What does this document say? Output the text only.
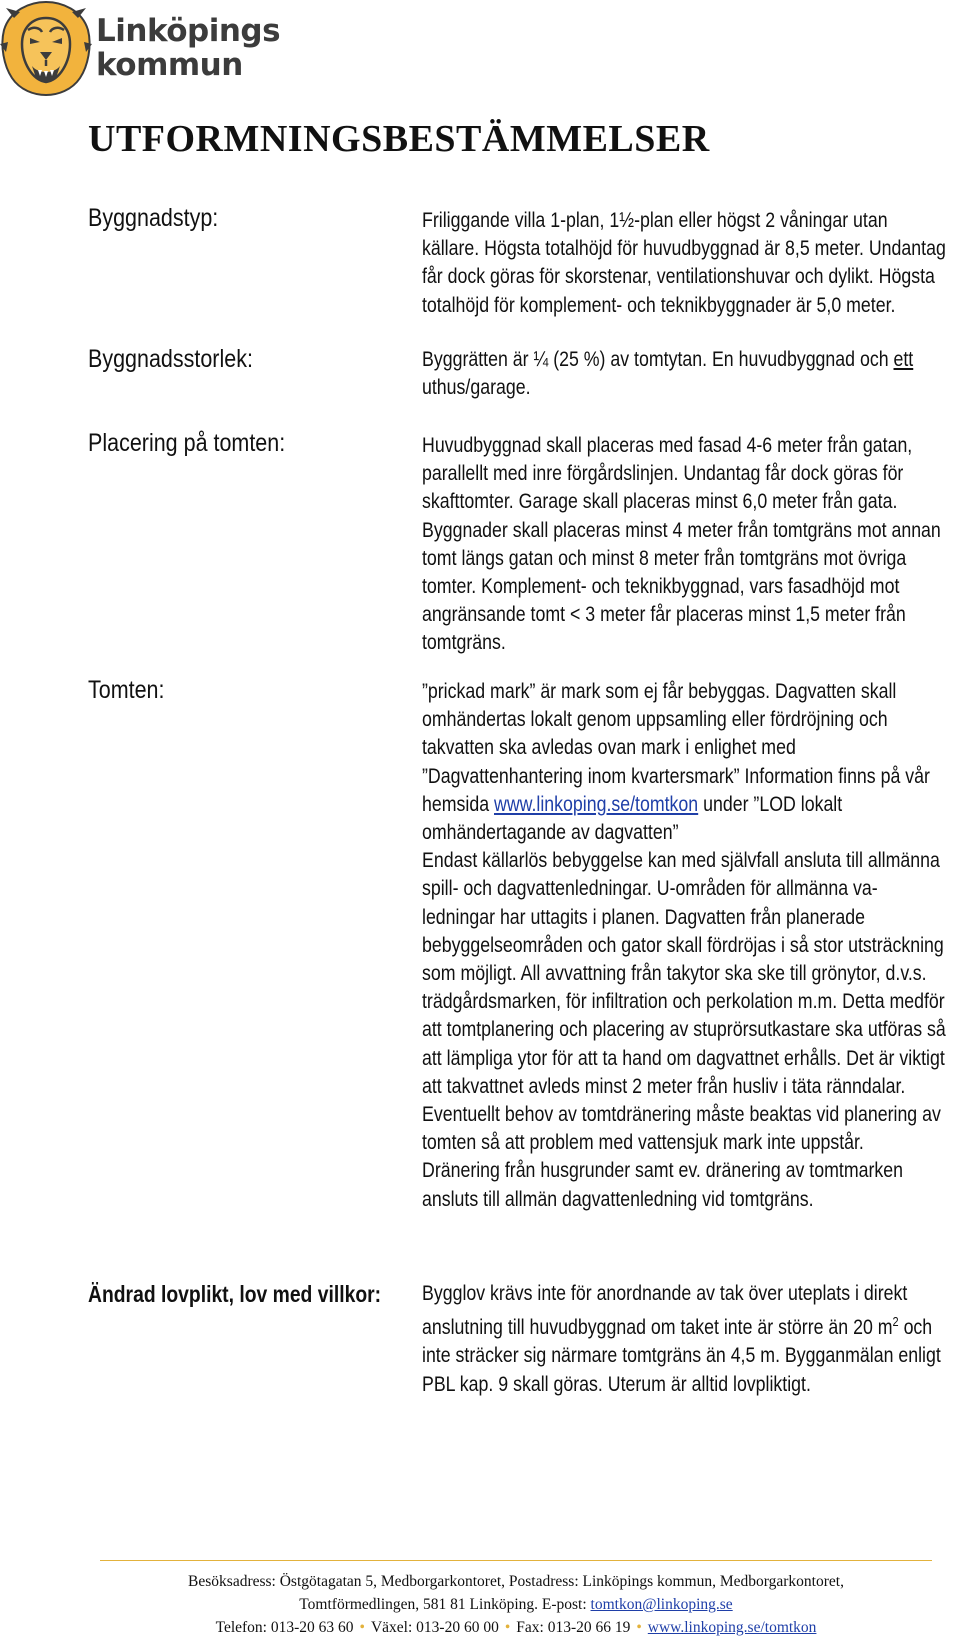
Linköpings
kommun
UTFORMNINGSBESTÄMMELSER
Byggnadstyp:	Friliggande villa 1-plan, 1½-plan eller högst 2 våningar utan källare. Högsta totalhöjd för huvudbyggnad är 8,5 meter. Undantag får dock göras för skorstenar, ventilationshuvar och dylikt. Högsta totalhöjd för komplement- och teknikbyggnader är 5,0 meter.

Byggnadsstorlek:	Byggrätten är ¼ (25 %) av tomtytan. En huvudbyggnad och ett uthus/garage.

Placering på tomten:	Huvudbyggnad skall placeras med fasad 4-6 meter från gatan, parallellt med inre förgårdslinjen. Undantag får dock göras för skafttomter. Garage skall placeras minst 6,0 meter från gata. Byggnader skall placeras minst 4 meter från tomtgräns mot annan tomt längs gatan och minst 8 meter från tomtgräns mot övriga tomter. Komplement- och teknikbyggnad, vars fasadhöjd mot angränsande tomt < 3 meter får placeras minst 1,5 meter från tomtgräns.

Tomten:	”prickad mark” är mark som ej får bebyggas. Dagvatten skall omhändertas lokalt genom uppsamling eller fördröjning och takvatten ska avledas ovan mark i enlighet med ”Dagvattenhantering inom kvartersmark” Information finns på vår hemsida www.linkoping.se/tomtkon under ”LOD lokalt omhändertagande av dagvatten”
Endast källarlös bebyggelse kan med självfall ansluta till allmänna spill- och dagvattenledningar. U-områden för allmänna va-ledningar har uttagits i planen. Dagvatten från planerade bebyggelseområden och gator skall fördröjas i så stor utsträckning som möjligt. All avvattning från takytor ska ske till grönytor, d.v.s. trädgårdsmarken, för infiltration och perkolation m.m. Detta medför att tomtplanering och placering av stuprörsutkastare ska utföras så att lämpliga ytor för att ta hand om dagvattnet erhålls. Det är viktigt att takvattnet avleds minst 2 meter från husliv i täta ränndalar. Eventuellt behov av tomtdränering måste beaktas vid planering av tomten så att problem med vattensjuk mark inte uppstår. Dränering från husgrunder samt ev. dränering av tomtmarken ansluts till allmän dagvattenledning vid tomtgräns.
Ändrad lovplikt, lov med villkor: Bygglov krävs inte för anordnande av tak över uteplats i direkt anslutning till huvudbyggnad om taket inte är större än 20 $m^2$ och inte sträcker sig närmare tomtgräns än 4,5 m. Bygganmälan enligt PBL kap. 9 skall göras. Uterum är alltid lovpliktigt.

Besöksadress: Östgötagatan 5, Medborgarkontoret, Postadress: Linköpings kommun, Medborgarkontoret,
Tomtförmedlingen, 581 81 Linköping. E-post: tomtkon@linkoping.se
Telefon: 013-20 63 60 • Växel: 013-20 60 00 • Fax: 013-20 66 19 • www.linkoping.se/tomtkon
